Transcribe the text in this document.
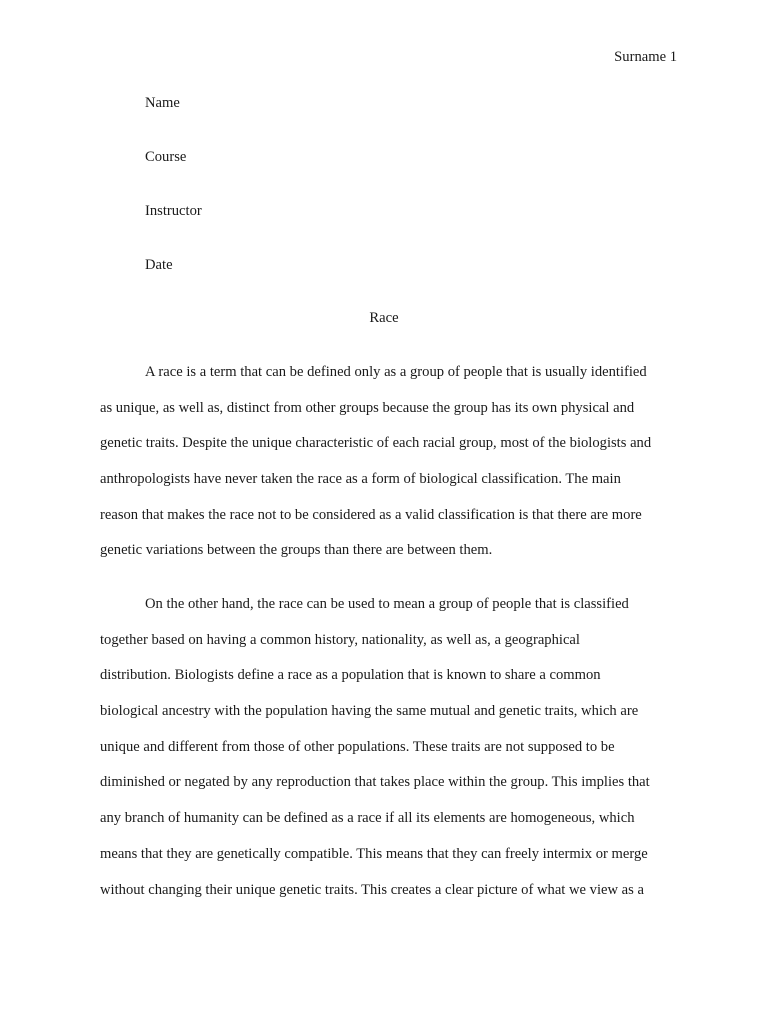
Surname 1
Name
Course
Instructor
Date
Race
A race is a term that can be defined only as a group of people that is usually identified
as unique, as well as, distinct from other groups because the group has its own physical and
genetic traits. Despite the unique characteristic of each racial group, most of the biologists and
anthropologists have never taken the race as a form of biological classification. The main
reason that makes the race not to be considered as a valid classification is that there are more
genetic variations between the groups than there are between them.
On the other hand, the race can be used to mean a group of people that is classified
together based on having a common history, nationality, as well as, a geographical
distribution. Biologists define a race as a population that is known to share a common
biological ancestry with the population having the same mutual and genetic traits, which are
unique and different from those of other populations. These traits are not supposed to be
diminished or negated by any reproduction that takes place within the group. This implies that
any branch of humanity can be defined as a race if all its elements are homogeneous, which
means that they are genetically compatible. This means that they can freely intermix or merge
without changing their unique genetic traits. This creates a clear picture of what we view as a
